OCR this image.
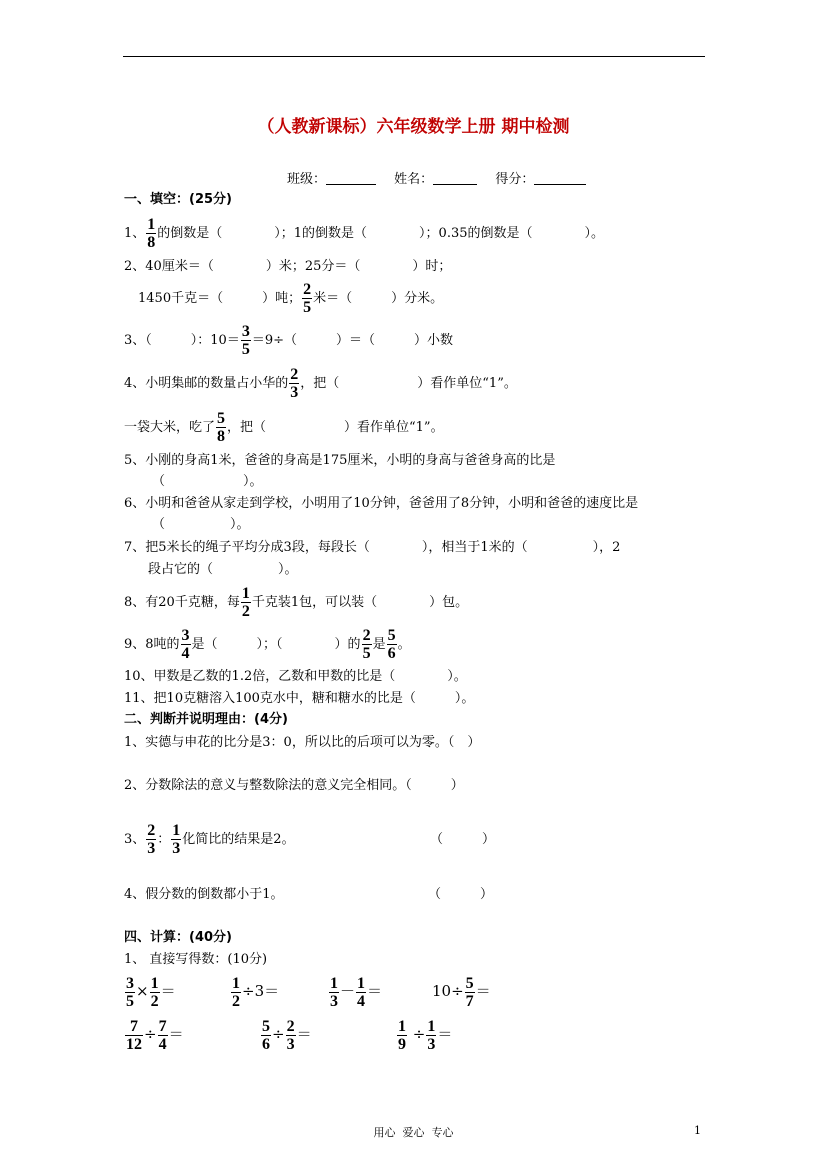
（人教新课标）六年级数学上册 期中检测
班级：	姓名：	得分：
一、填空：(25分)
1、 $\frac{1}{8}$ 的倒数是（　　　　）；1的倒数是（　　　　）；0.35的倒数是（　　　　）。
2、40厘米＝（　　　　）米；25分＝（　　　　）时；
1450千克＝（　　　）吨； $\frac{2}{5}$ 米＝（　　　）分米。
3、（　　　）：$10= \frac{3}{5} =9\div$（　　　）＝（　　　）小数
4、小明集邮的数量占小华的 $\frac{2}{3}$ ，把（　　　　　　）看作单位“1”。
一袋大米，吃了 $\frac{5}{8}$ ，把（　　　　　　）看作单位“1”。
5、小刚的身高1米，爸爸的身高是175厘米，小明的身高与爸爸身高的比是
（　　　　　　）。
6、小明和爸爸从家走到学校，小明用了10分钟，爸爸用了8分钟，小明和爸爸的速度比是
（　　　　　）。
7、把5米长的绳子平均分成3段，每段长（　　　　），相当于1米的（　　　　　），2
段占它的（　　　　　）。
8、有20千克糖，每 $\frac{1}{2}$ 千克装1包，可以装（　　　　）包。
9、8吨的 $\frac{3}{4}$ 是（　　　）；（　　　　）的 $\frac{2}{5}$ 是 $\frac{5}{6}$ 。
10、甲数是乙数的1.2倍，乙数和甲数的比是（　　　　）。
11、把10克糖溶入100克水中，糖和糖水的比是（　　　）。
二、判断并说明理由：(4分)
1、实德与申花的比分是3：0，所以比的后项可以为零。（　）
2、分数除法的意义与整数除法的意义完全相同。（　　　）
3、 $\frac{2}{3}$ ： $\frac{1}{3}$ 化简比的结果是2。	（　　　）
4、假分数的倒数都小于1。	（　　　）
四、计算：(40分)
1、 直接写得数：(10分)
$\frac{3}{5} \times \frac{1}{2}$ ＝	$\frac{1}{2} \div 3=$	$\frac{1}{3} - \frac{1}{4}$ ＝	$10\div \frac{5}{7}$ ＝
$\frac{7}{12} \div \frac{7}{4}$ ＝	$\frac{5}{6} \div \frac{2}{3}$ ＝	$\frac{1}{9} \div \frac{1}{3}$ ＝
用心  爱心  专心	1
